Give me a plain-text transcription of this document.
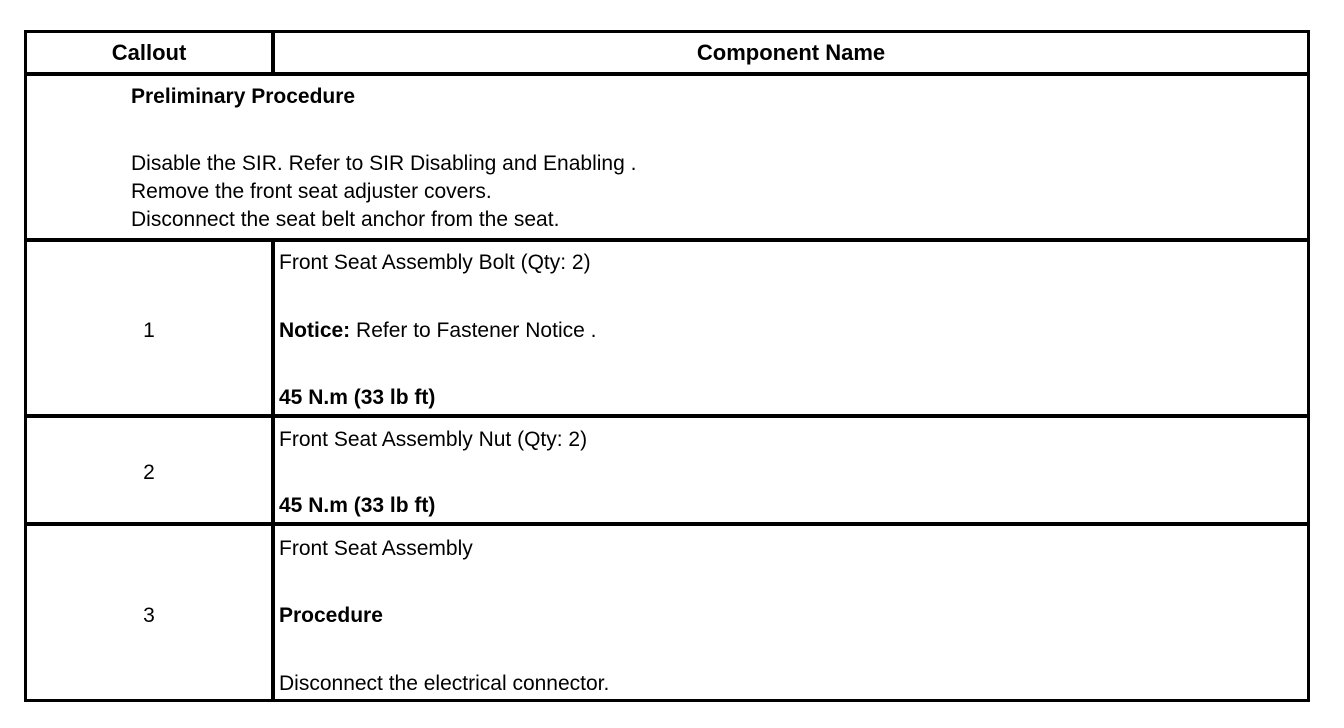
Callout	Component Name
Preliminary Procedure
Disable the SIR. Refer to SIR Disabling and Enabling .
Remove the front seat adjuster covers.
Disconnect the seat belt anchor from the seat.
1
Front Seat Assembly Bolt (Qty: 2)
Notice: Refer to Fastener Notice .
45 N.m (33 lb ft)
2
Front Seat Assembly Nut (Qty: 2)
45 N.m (33 lb ft)
3
Front Seat Assembly
Procedure
Disconnect the electrical connector.
